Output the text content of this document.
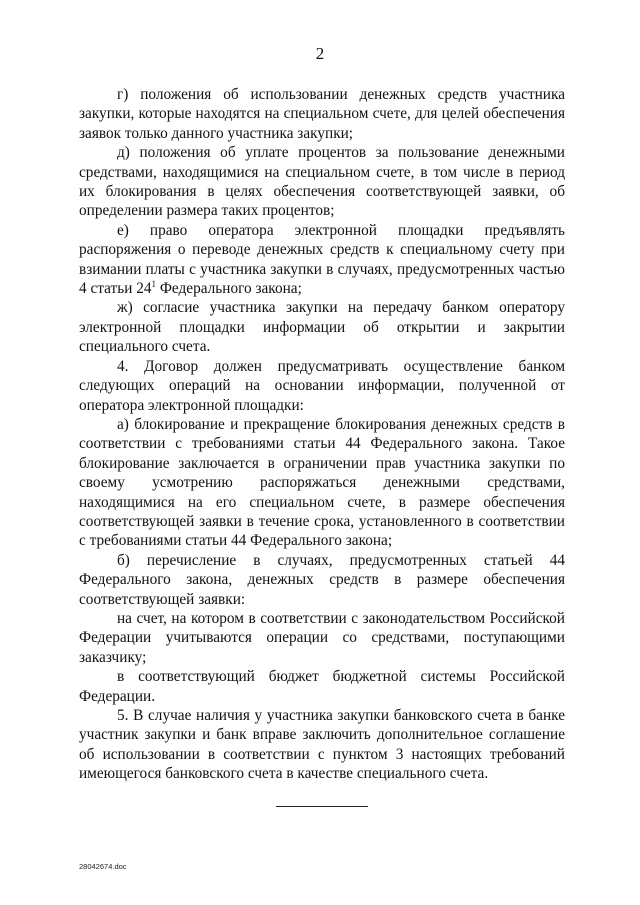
2

г) положения об использовании денежных средств участника закупки, которые находятся на специальном счете, для целей обеспечения заявок только данного участника закупки;

д) положения об уплате процентов за пользование денежными средствами, находящимися на специальном счете, в том числе в период их блокирования в целях обеспечения соответствующей заявки, об определении размера таких процентов;

е) право оператора электронной площадки предъявлять распоряжения о переводе денежных средств к специальному счету при взимании платы с участника закупки в случаях, предусмотренных частью 4 статьи $24^1$ Федерального закона;

ж) согласие участника закупки на передачу банком оператору электронной площадки информации об открытии и закрытии специального счета.

4. Договор должен предусматривать осуществление банком следующих операций на основании информации, полученной от оператора электронной площадки:

а) блокирование и прекращение блокирования денежных средств в соответствии с требованиями статьи 44 Федерального закона. Такое блокирование заключается в ограничении прав участника закупки по своему усмотрению распоряжаться денежными средствами, находящимися на его специальном счете, в размере обеспечения соответствующей заявки в течение срока, установленного в соответствии с требованиями статьи 44 Федерального закона;

б) перечисление в случаях, предусмотренных статьей 44 Федерального закона, денежных средств в размере обеспечения соответствующей заявки:

на счет, на котором в соответствии с законодательством Российской Федерации учитываются операции со средствами, поступающими заказчику;

в соответствующий бюджет бюджетной системы Российской Федерации.

5. В случае наличия у участника закупки банковского счета в банке участник закупки и банк вправе заключить дополнительное соглашение об использовании в соответствии с пунктом 3 настоящих требований имеющегося банковского счета в качестве специального счета.

28042674.doc
